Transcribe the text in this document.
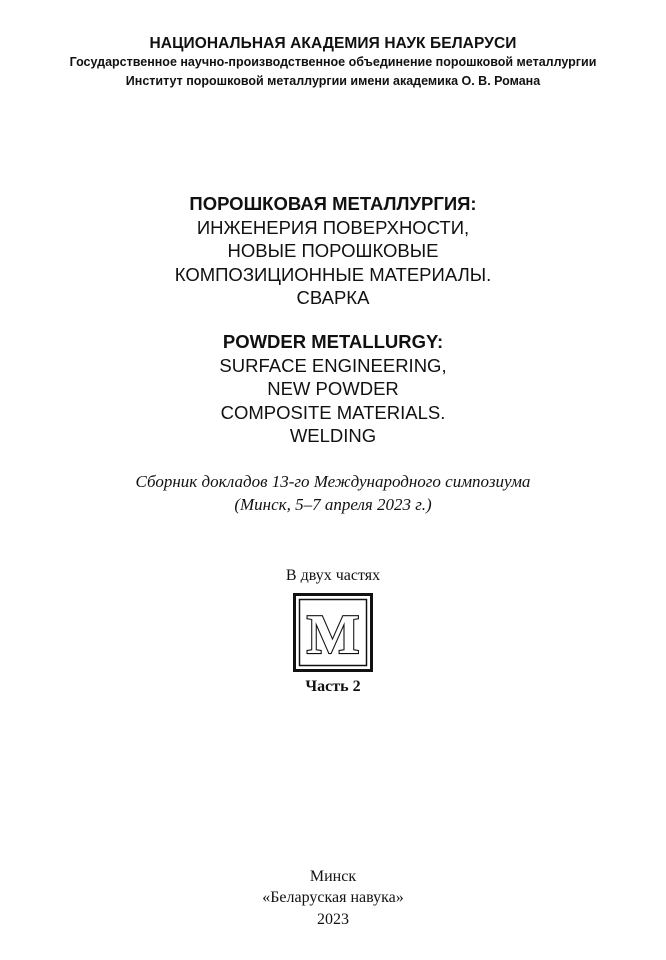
НАЦИОНАЛЬНАЯ АКАДЕМИЯ НАУК БЕЛАРУСИ
Государственное научно-производственное объединение порошковой металлургии
Институт порошковой металлургии имени академика О. В. Романа
ПОРОШКОВАЯ МЕТАЛЛУРГИЯ:
ИНЖЕНЕРИЯ ПОВЕРХНОСТИ,
НОВЫЕ ПОРОШКОВЫЕ
КОМПОЗИЦИОННЫЕ МАТЕРИАЛЫ.
СВАРКА
POWDER METALLURGY:
SURFACE ENGINEERING,
NEW POWDER
COMPOSITE MATERIALS.
WELDING
Сборник докладов 13-го Международного симпозиума
(Минск, 5–7 апреля 2023 г.)
В двух частях
М
Часть 2
Минск
«Беларуская навука»
2023
